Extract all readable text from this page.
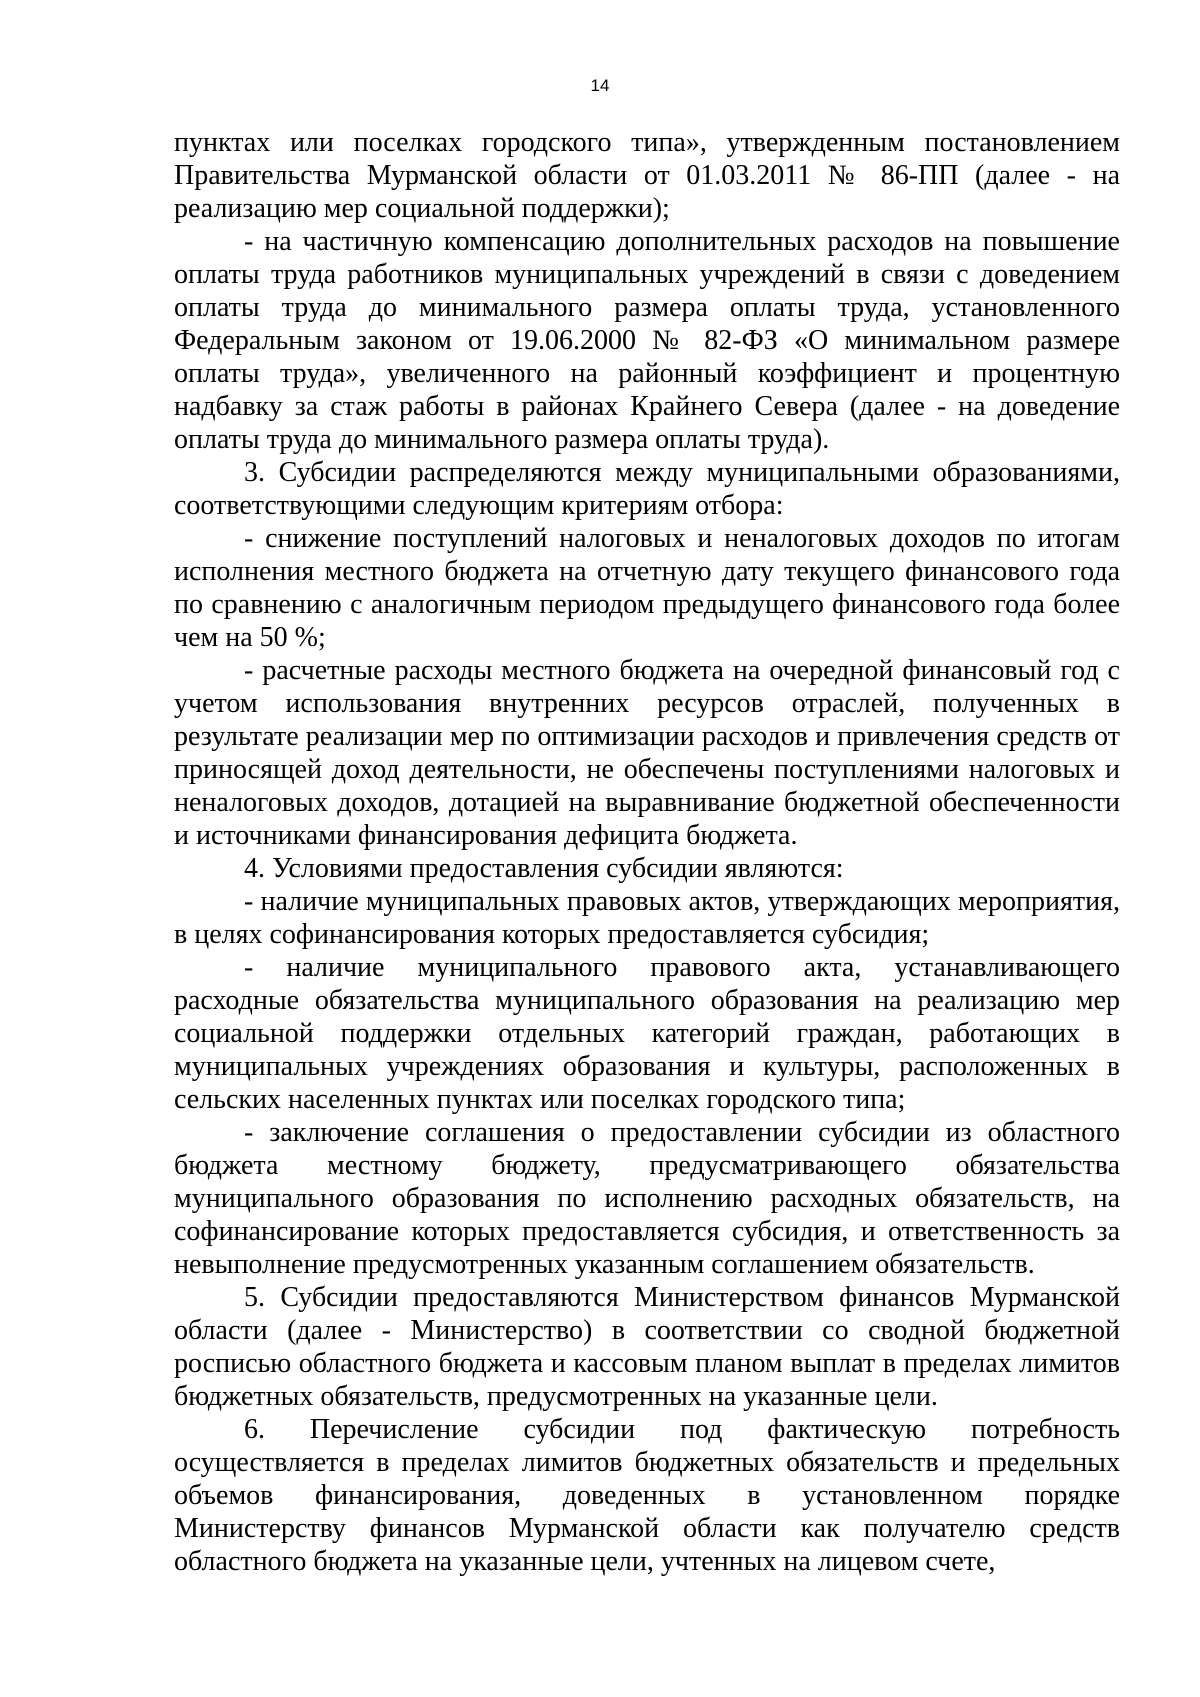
14

пунктах или поселках городского типа», утвержденным постановлением Правительства Мурманской области от 01.03.2011 № 86-ПП (далее - на реализацию мер социальной поддержки);

- на частичную компенсацию дополнительных расходов на повышение оплаты труда работников муниципальных учреждений в связи с доведением оплаты труда до минимального размера оплаты труда, установленного Федеральным законом от 19.06.2000 № 82-ФЗ «О минимальном размере оплаты труда», увеличенного на районный коэффициент и процентную надбавку за стаж работы в районах Крайнего Севера (далее - на доведение оплаты труда до минимального размера оплаты труда).

3. Субсидии распределяются между муниципальными образованиями, соответствующими следующим критериям отбора:

- снижение поступлений налоговых и неналоговых доходов по итогам исполнения местного бюджета на отчетную дату текущего финансового года по сравнению с аналогичным периодом предыдущего финансового года более чем на 50 %;

- расчетные расходы местного бюджета на очередной финансовый год с учетом использования внутренних ресурсов отраслей, полученных в результате реализации мер по оптимизации расходов и привлечения средств от приносящей доход деятельности, не обеспечены поступлениями налоговых и неналоговых доходов, дотацией на выравнивание бюджетной обеспеченности и источниками финансирования дефицита бюджета.

4. Условиями предоставления субсидии являются:

- наличие муниципальных правовых актов, утверждающих мероприятия, в целях софинансирования которых предоставляется субсидия;

- наличие муниципального правового акта, устанавливающего расходные обязательства муниципального образования на реализацию мер социальной поддержки отдельных категорий граждан, работающих в муниципальных учреждениях образования и культуры, расположенных в сельских населенных пунктах или поселках городского типа;

- заключение соглашения о предоставлении субсидии из областного бюджета местному бюджету, предусматривающего обязательства муниципального образования по исполнению расходных обязательств, на софинансирование которых предоставляется субсидия, и ответственность за невыполнение предусмотренных указанным соглашением обязательств.

5. Субсидии предоставляются Министерством финансов Мурманской области (далее - Министерство) в соответствии со сводной бюджетной росписью областного бюджета и кассовым планом выплат в пределах лимитов бюджетных обязательств, предусмотренных на указанные цели.

6. Перечисление субсидии под фактическую потребность осуществляется в пределах лимитов бюджетных обязательств и предельных объемов финансирования, доведенных в установленном порядке Министерству финансов Мурманской области как получателю средств областного бюджета на указанные цели, учтенных на лицевом счете,
